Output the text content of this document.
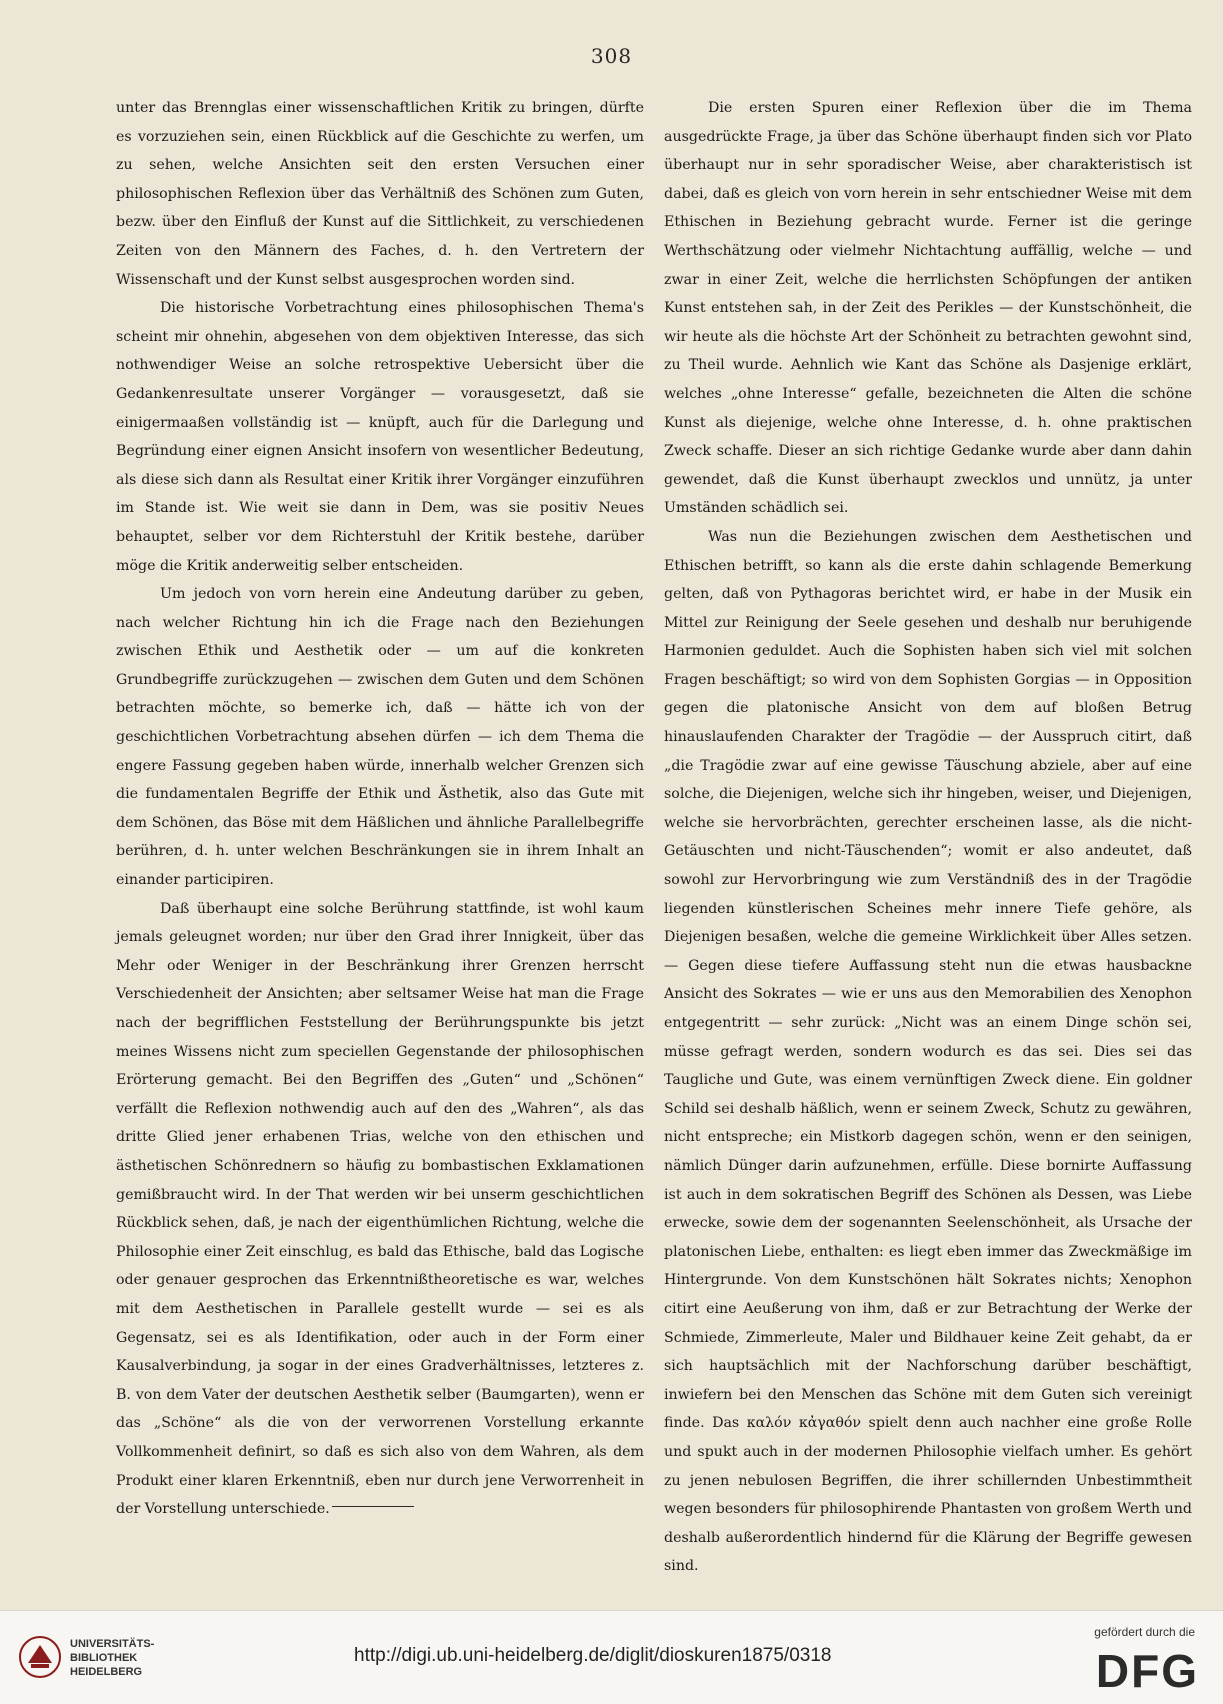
308

unter das Brennglas einer wissenschaftlichen Kritik zu bringen, dürfte es vorzuziehen sein, einen Rückblick auf die Geschichte zu werfen, um zu sehen, welche Ansichten seit den ersten Versuchen einer philosophischen Reflexion über das Verhältniß des Schönen zum Guten, bezw. über den Einfluß der Kunst auf die Sittlichkeit, zu verschiedenen Zeiten von den Männern des Faches, d. h. den Vertretern der Wissenschaft und der Kunst selbst ausgesprochen worden sind.

Die historische Vorbetrachtung eines philosophischen Thema's scheint mir ohnehin, abgesehen von dem objektiven Interesse, das sich nothwendiger Weise an solche retrospektive Uebersicht über die Gedankenresultate unserer Vorgänger — vorausgesetzt, daß sie einigermaaßen vollständig ist — knüpft, auch für die Darlegung und Begründung einer eignen Ansicht insofern von wesentlicher Bedeutung, als diese sich dann als Resultat einer Kritik ihrer Vorgänger einzuführen im Stande ist. Wie weit sie dann in Dem, was sie positiv Neues behauptet, selber vor dem Richterstuhl der Kritik bestehe, darüber möge die Kritik anderweitig selber entscheiden.

Um jedoch von vorn herein eine Andeutung darüber zu geben, nach welcher Richtung hin ich die Frage nach den Beziehungen zwischen Ethik und Aesthetik oder — um auf die konkreten Grundbegriffe zurückzugehen — zwischen dem Guten und dem Schönen betrachten möchte, so bemerke ich, daß — hätte ich von der geschichtlichen Vorbetrachtung absehen dürfen — ich dem Thema die engere Fassung gegeben haben würde, innerhalb welcher Grenzen sich die fundamentalen Begriffe der Ethik und Ästhetik, also das Gute mit dem Schönen, das Böse mit dem Häßlichen und ähnliche Parallelbegriffe berühren, d. h. unter welchen Beschränkungen sie in ihrem Inhalt an einander participiren.

Daß überhaupt eine solche Berührung stattfinde, ist wohl kaum jemals geleugnet worden; nur über den Grad ihrer Innigkeit, über das Mehr oder Weniger in der Beschränkung ihrer Grenzen herrscht Verschiedenheit der Ansichten; aber seltsamer Weise hat man die Frage nach der begrifflichen Feststellung der Berührungspunkte bis jetzt meines Wissens nicht zum speciellen Gegenstande der philosophischen Erörterung gemacht. Bei den Begriffen des „Guten“ und „Schönen“ verfällt die Reflexion nothwendig auch auf den des „Wahren“, als das dritte Glied jener erhabenen Trias, welche von den ethischen und ästhetischen Schönrednern so häufig zu bombastischen Exklamationen gemißbraucht wird. In der That werden wir bei unserm geschichtlichen Rückblick sehen, daß, je nach der eigenthümlichen Richtung, welche die Philosophie einer Zeit einschlug, es bald das Ethische, bald das Logische oder genauer gesprochen das Erkenntnißtheoretische es war, welches mit dem Aesthetischen in Parallele gestellt wurde — sei es als Gegensatz, sei es als Identifikation, oder auch in der Form einer Kausalverbindung, ja sogar in der eines Gradverhältnisses, letzteres z. B. von dem Vater der deutschen Aesthetik selber (Baumgarten), wenn er das „Schöne“ als die von der verworrenen Vorstellung erkannte Vollkommenheit definirt, so daß es sich also von dem Wahren, als dem Produkt einer klaren Erkenntniß, eben nur durch jene Verworrenheit in der Vorstellung unterschiede.

Die ersten Spuren einer Reflexion über die im Thema ausgedrückte Frage, ja über das Schöne überhaupt finden sich vor Plato überhaupt nur in sehr sporadischer Weise, aber charakteristisch ist dabei, daß es gleich von vorn herein in sehr entschiedner Weise mit dem Ethischen in Beziehung gebracht wurde. Ferner ist die geringe Werthschätzung oder vielmehr Nichtachtung auffällig, welche — und zwar in einer Zeit, welche die herrlichsten Schöpfungen der antiken Kunst entstehen sah, in der Zeit des Perikles — der Kunstschönheit, die wir heute als die höchste Art der Schönheit zu betrachten gewohnt sind, zu Theil wurde. Aehnlich wie Kant das Schöne als Dasjenige erklärt, welches „ohne Interesse“ gefalle, bezeichneten die Alten die schöne Kunst als diejenige, welche ohne Interesse, d. h. ohne praktischen Zweck schaffe. Dieser an sich richtige Gedanke wurde aber dann dahin gewendet, daß die Kunst überhaupt zwecklos und unnütz, ja unter Umständen schädlich sei.

Was nun die Beziehungen zwischen dem Aesthetischen und Ethischen betrifft, so kann als die erste dahin schlagende Bemerkung gelten, daß von Pythagoras berichtet wird, er habe in der Musik ein Mittel zur Reinigung der Seele gesehen und deshalb nur beruhigende Harmonien geduldet. Auch die Sophisten haben sich viel mit solchen Fragen beschäftigt; so wird von dem Sophisten Gorgias — in Opposition gegen die platonische Ansicht von dem auf bloßen Betrug hinauslaufenden Charakter der Tragödie — der Ausspruch citirt, daß „die Tragödie zwar auf eine gewisse Täuschung abziele, aber auf eine solche, die Diejenigen, welche sich ihr hingeben, weiser, und Diejenigen, welche sie hervorbrächten, gerechter erscheinen lasse, als die nicht-Getäuschten und nicht-Täuschenden“; womit er also andeutet, daß sowohl zur Hervorbringung wie zum Verständniß des in der Tragödie liegenden künstlerischen Scheines mehr innere Tiefe gehöre, als Diejenigen besaßen, welche die gemeine Wirklichkeit über Alles setzen. — Gegen diese tiefere Auffassung steht nun die etwas hausbackne Ansicht des Sokrates — wie er uns aus den Memorabilien des Xenophon entgegentritt — sehr zurück: „Nicht was an einem Dinge schön sei, müsse gefragt werden, sondern wodurch es das sei. Dies sei das Taugliche und Gute, was einem vernünftigen Zweck diene. Ein goldner Schild sei deshalb häßlich, wenn er seinem Zweck, Schutz zu gewähren, nicht entspreche; ein Mistkorb dagegen schön, wenn er den seinigen, nämlich Dünger darin aufzunehmen, erfülle. Diese bornirte Auffassung ist auch in dem sokratischen Begriff des Schönen als Dessen, was Liebe erwecke, sowie dem der sogenannten Seelenschönheit, als Ursache der platonischen Liebe, enthalten: es liegt eben immer das Zweckmäßige im Hintergrunde. Von dem Kunstschönen hält Sokrates nichts; Xenophon citirt eine Aeußerung von ihm, daß er zur Betrachtung der Werke der Schmiede, Zimmerleute, Maler und Bildhauer keine Zeit gehabt, da er sich hauptsächlich mit der Nachforschung darüber beschäftigt, inwiefern bei den Menschen das Schöne mit dem Guten sich vereinigt finde. Das καλόν κἀγαθόν spielt denn auch nachher eine große Rolle und spukt auch in der modernen Philosophie vielfach umher. Es gehört zu jenen nebulosen Begriffen, die ihrer schillernden Unbestimmtheit wegen besonders für philosophirende Phantasten von großem Werth und deshalb außerordentlich hindernd für die Klärung der Begriffe gewesen sind.

UNIVERSITÄTS-
BIBLIOTHEK
HEIDELBERG
http://digi.ub.uni-heidelberg.de/diglit/dioskuren1875/0318
gefördert durch die
DFG
